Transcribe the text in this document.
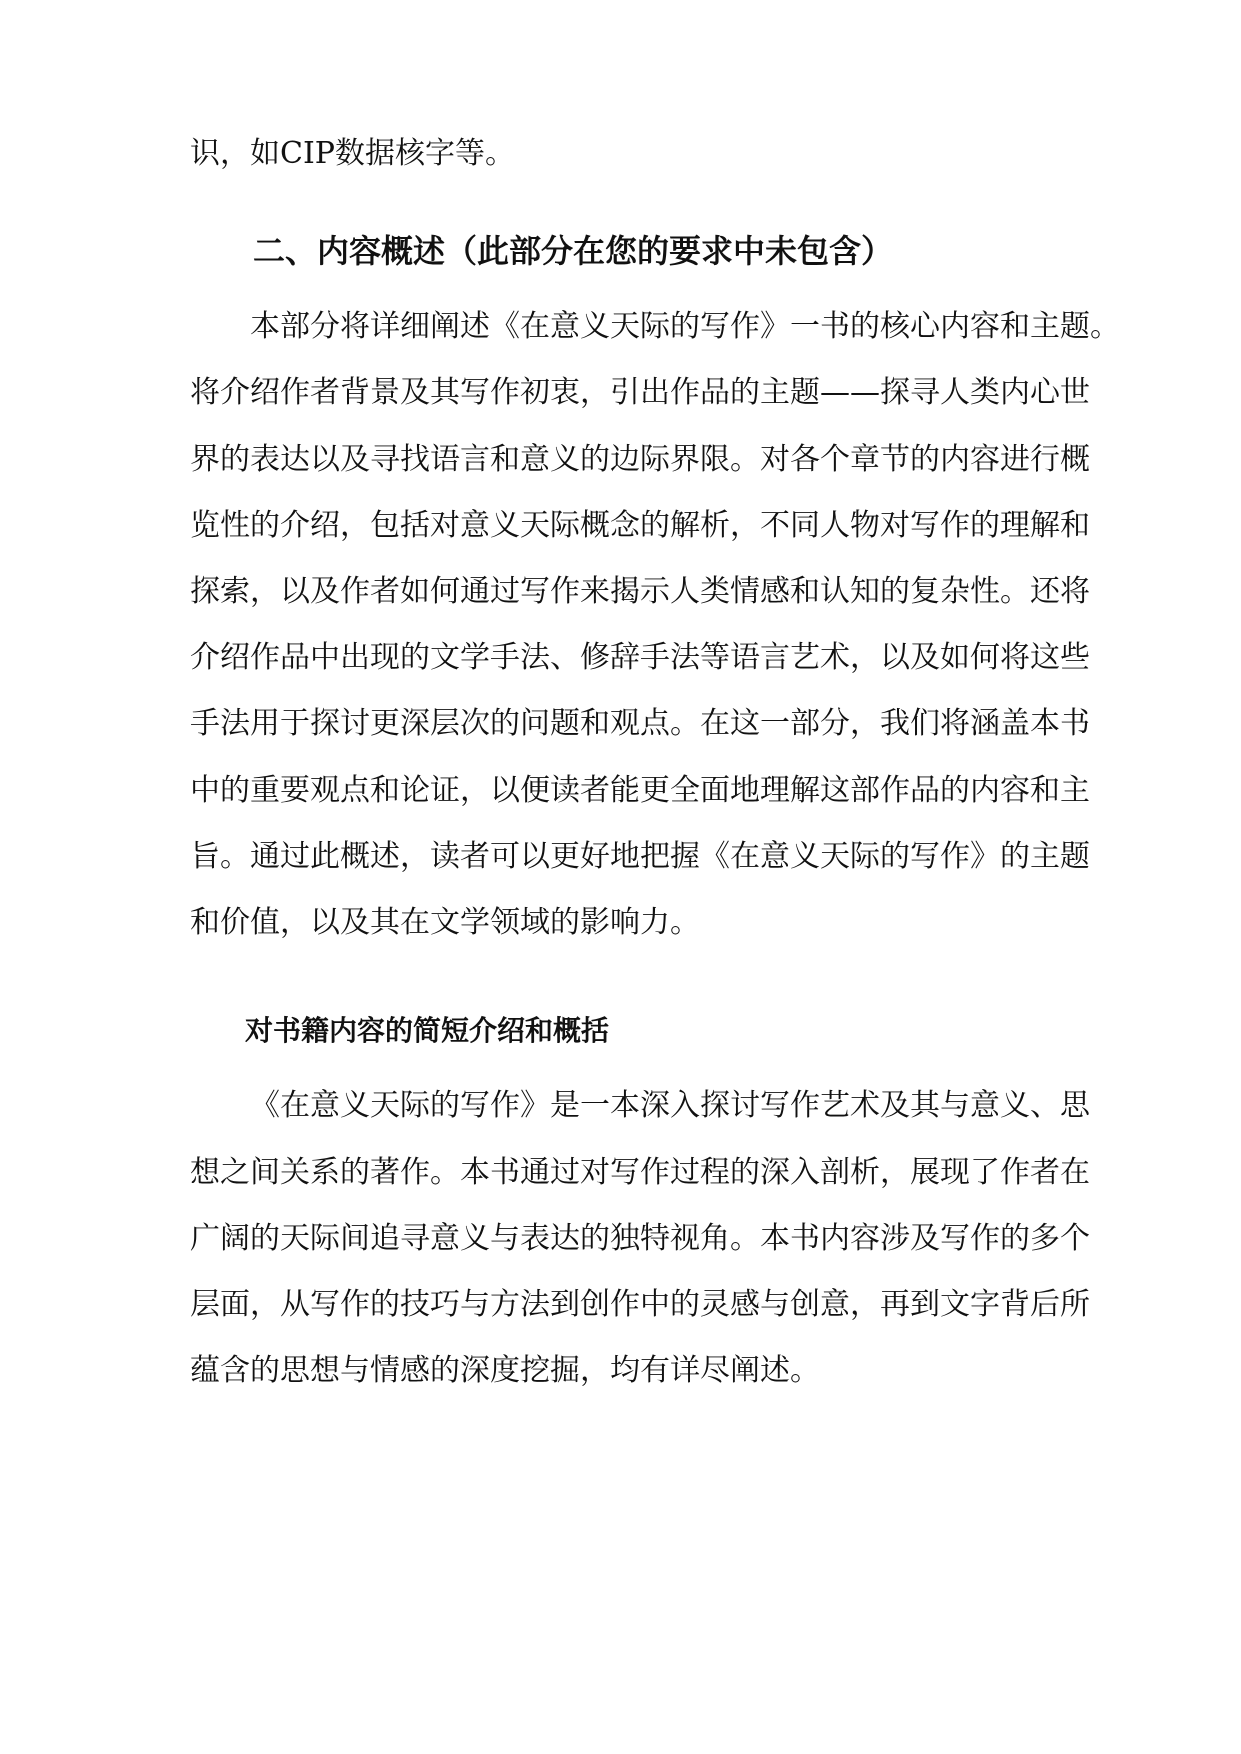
识，如CIP数据核字等。
二、内容概述（此部分在您的要求中未包含）
本部分将详细阐述《在意义天际的写作》一书的核心内容和主题。
将介绍作者背景及其写作初衷，引出作品的主题——探寻人类内心世
界的表达以及寻找语言和意义的边际界限。对各个章节的内容进行概
览性的介绍，包括对意义天际概念的解析，不同人物对写作的理解和
探索，以及作者如何通过写作来揭示人类情感和认知的复杂性。还将
介绍作品中出现的文学手法、修辞手法等语言艺术，以及如何将这些
手法用于探讨更深层次的问题和观点。在这一部分，我们将涵盖本书
中的重要观点和论证，以便读者能更全面地理解这部作品的内容和主
旨。通过此概述，读者可以更好地把握《在意义天际的写作》的主题
和价值，以及其在文学领域的影响力。
对书籍内容的简短介绍和概括
《在意义天际的写作》是一本深入探讨写作艺术及其与意义、思
想之间关系的著作。本书通过对写作过程的深入剖析，展现了作者在
广阔的天际间追寻意义与表达的独特视角。本书内容涉及写作的多个
层面，从写作的技巧与方法到创作中的灵感与创意，再到文字背后所
蕴含的思想与情感的深度挖掘，均有详尽阐述。
